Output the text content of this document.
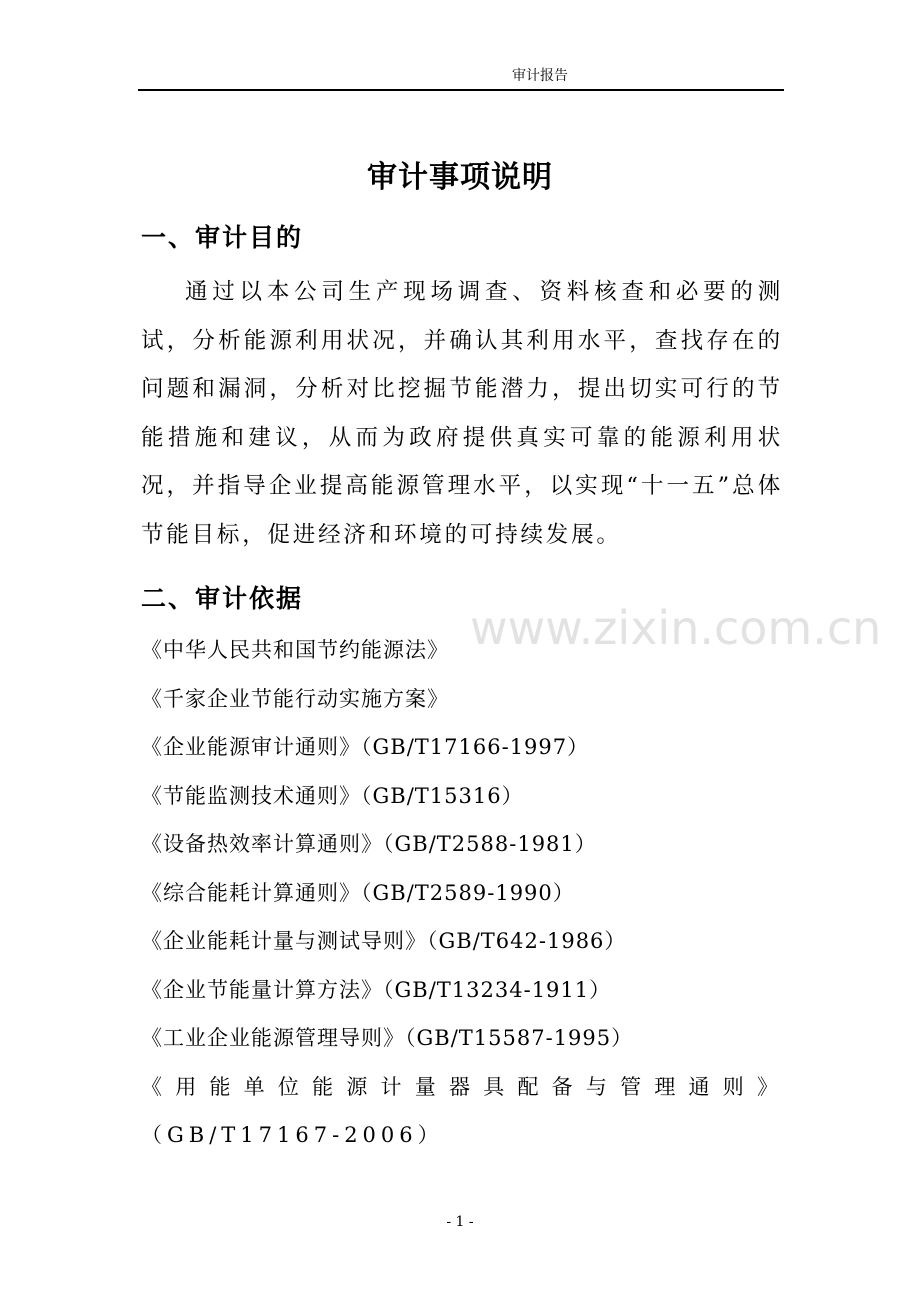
审计报告
审计事项说明
一、审计目的

通过以本公司生产现场调查、资料核查和必要的测试，分析能源利用状况，并确认其利用水平，查找存在的问题和漏洞，分析对比挖掘节能潜力，提出切实可行的节能措施和建议，从而为政府提供真实可靠的能源利用状况，并指导企业提高能源管理水平，以实现“十一五”总体节能目标，促进经济和环境的可持续发展。

二、审计依据
《中华人民共和国节约能源法》
《千家企业节能行动实施方案》
《企业能源审计通则》（GB/T17166-1997）
《节能监测技术通则》（GB/T15316）
《设备热效率计算通则》（GB/T2588-1981）
《综合能耗计算通则》（GB/T2589-1990）
《企业能耗计量与测试导则》（GB/T642-1986）
《企业节能量计算方法》（GB/T13234-1911）
《工业企业能源管理导则》（GB/T15587-1995）
《用能单位能源计量器具配备与管理通则》（GB/T17167-2006）
www.zixin.com.cn
- 1 -
